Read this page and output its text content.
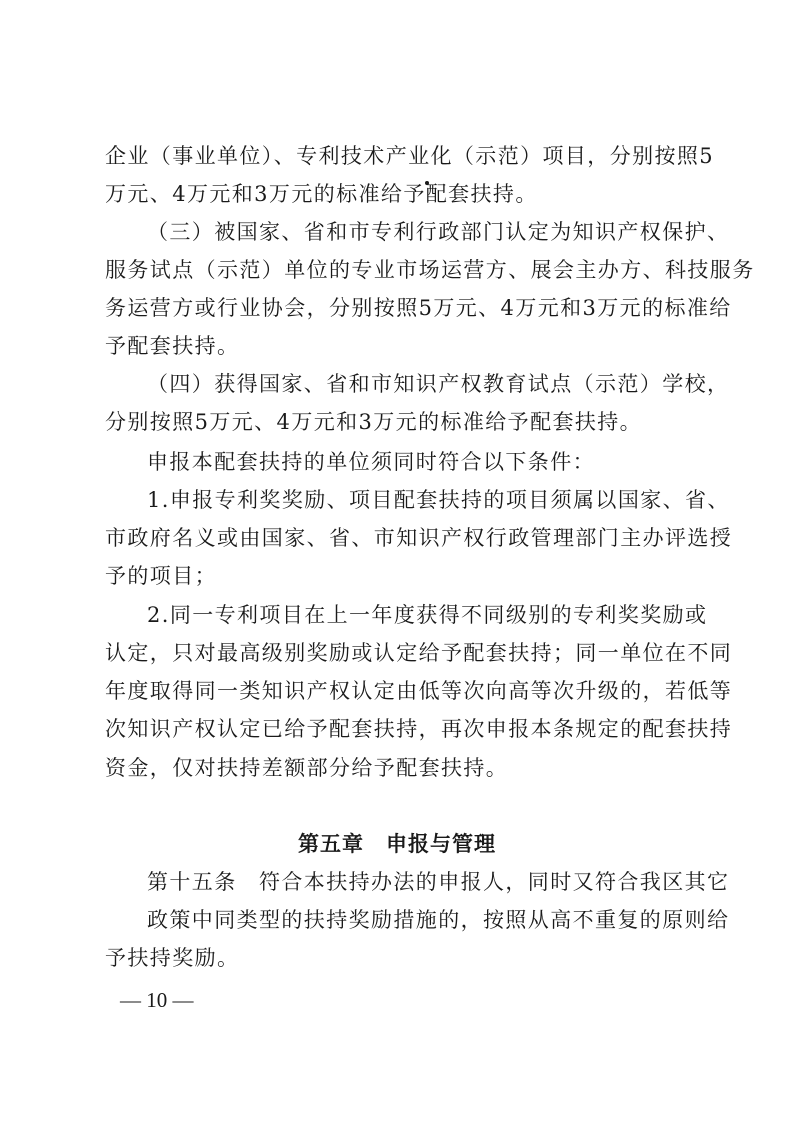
企业（事业单位）、专利技术产业化（示范）项目，分别按照5
万元、4万元和3万元的标准给予配套扶持。
（三）被国家、省和市专利行政部门认定为知识产权保护、
服务试点（示范）单位的专业市场运营方、展会主办方、科技服务
务运营方或行业协会，分别按照5万元、4万元和3万元的标准给
予配套扶持。
（四）获得国家、省和市知识产权教育试点（示范）学校，
分别按照5万元、4万元和3万元的标准给予配套扶持。
申报本配套扶持的单位须同时符合以下条件：
1.申报专利奖奖励、项目配套扶持的项目须属以国家、省、
市政府名义或由国家、省、市知识产权行政管理部门主办评选授
予的项目；
2.同一专利项目在上一年度获得不同级别的专利奖奖励或
认定，只对最高级别奖励或认定给予配套扶持；同一单位在不同
年度取得同一类知识产权认定由低等次向高等次升级的，若低等
次知识产权认定已给予配套扶持，再次申报本条规定的配套扶持
资金，仅对扶持差额部分给予配套扶持。
第五章　申报与管理
第十五条　符合本扶持办法的申报人，同时又符合我区其它
政策中同类型的扶持奖励措施的，按照从高不重复的原则给
予扶持奖励。
— 10 —
